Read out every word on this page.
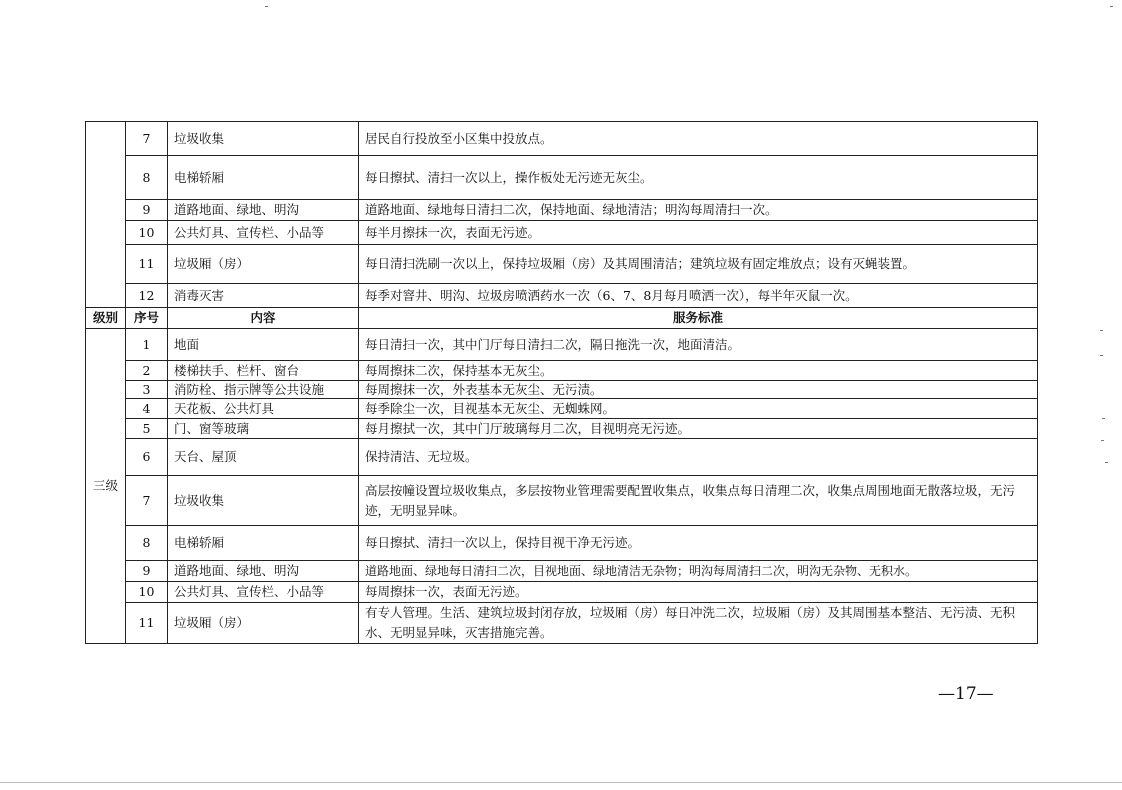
	7	垃圾收集	居民自行投放至小区集中投放点。
	8	电梯轿厢	每日擦拭、清扫一次以上，操作板处无污迹无灰尘。
	9	道路地面、绿地、明沟	道路地面、绿地每日清扫二次，保持地面、绿地清洁；明沟每周清扫一次。
	10	公共灯具、宣传栏、小品等	每半月擦抹一次，表面无污迹。
	11	垃圾厢（房）	每日清扫洗刷一次以上，保持垃圾厢（房）及其周围清洁；建筑垃圾有固定堆放点；设有灭蝇装置。
	12	消毒灭害	每季对窨井、明沟、垃圾房喷洒药水一次（6、7、8月每月喷洒一次），每半年灭鼠一次。
级别	序号	内容	服务标准
三级	1	地面	每日清扫一次，其中门厅每日清扫二次，隔日拖洗一次，地面清洁。
	2	楼梯扶手、栏杆、窗台	每周擦抹二次，保持基本无灰尘。
	3	消防栓、指示牌等公共设施	每周擦抹一次，外表基本无灰尘、无污渍。
	4	天花板、公共灯具	每季除尘一次，目视基本无灰尘、无蜘蛛网。
	5	门、窗等玻璃	每月擦拭一次，其中门厅玻璃每月二次，目视明亮无污迹。
	6	天台、屋顶	保持清洁、无垃圾。
	7	垃圾收集	高层按幢设置垃圾收集点，多层按物业管理需要配置收集点，收集点每日清理二次，收集点周围地面无散落垃圾，无污迹，无明显异味。
	8	电梯轿厢	每日擦拭、清扫一次以上，保持目视干净无污迹。
	9	道路地面、绿地、明沟	道路地面、绿地每日清扫二次，目视地面、绿地清洁无杂物；明沟每周清扫二次，明沟无杂物、无积水。
	10	公共灯具、宣传栏、小品等	每周擦抹一次，表面无污迹。
	11	垃圾厢（房）	有专人管理。生活、建筑垃圾封闭存放，垃圾厢（房）每日冲洗二次，垃圾厢（房）及其周围基本整洁、无污渍、无积水、无明显异味，灭害措施完善。
—17—
